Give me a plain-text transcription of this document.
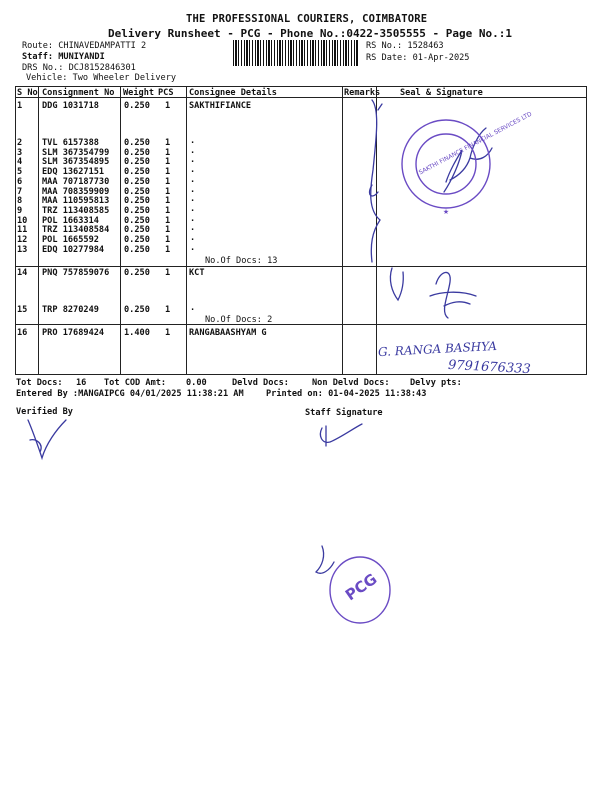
THE PROFESSIONAL COURIERS, COIMBATORE
Delivery Runsheet - PCG - Phone No.:0422-3505555 - Page No.:1
Route: CHINAVEDAMPATTI 2
Staff: MUNIYANDI
DRS No.: DCJ8152846301
Vehicle: Two Wheeler Delivery
RS No.: 1528463
RS Date: 01-Apr-2025
S No Consignment No Weight PCS Consignee Details	Remarks Seal & Signature
1 DDG 1031718	0.250 1 SAKTHIFIANCE
2 TVL 6157388	0.250 1 .
3 SLM 367354799 0.250 1 .
4 SLM 367354895 0.250 1 .
5 EDQ 13627151 0.250 1 .
6 MAA 707187730 0.250 1 .
7 MAA 708359909 0.250 1 .
8 MAA 110595813 0.250 1 .
9 TRZ 113408585 0.250 1 .
10 POL 1663314	0.250 1 .
11 TRZ 113408584 0.250 1 .
12 POL 1665592	0.250 1 .
13 EDQ 10277984 0.250 1 .
No.Of Docs: 13
14 PNQ 757859076 0.250 1 KCT
15 TRP 8270249	0.250 1 .
No.Of Docs: 2
16 PRO 17689424 1.400 1 RANGABAASHYAM G
Tot Docs: 16 Tot COD Amt: 0.00	Delvd Docs:	Non Delvd Docs: Delvy pts:
Entered By :MANGAIPCG 04/01/2025 11:38:21 AM	Printed on: 01-04-2025 11:38:43
Verified By	Staff Signature
G. RANGA BASHYA
9791676333
★
SAKTHI FINANCE FINANCIAL SERVICES LTD
PCG
